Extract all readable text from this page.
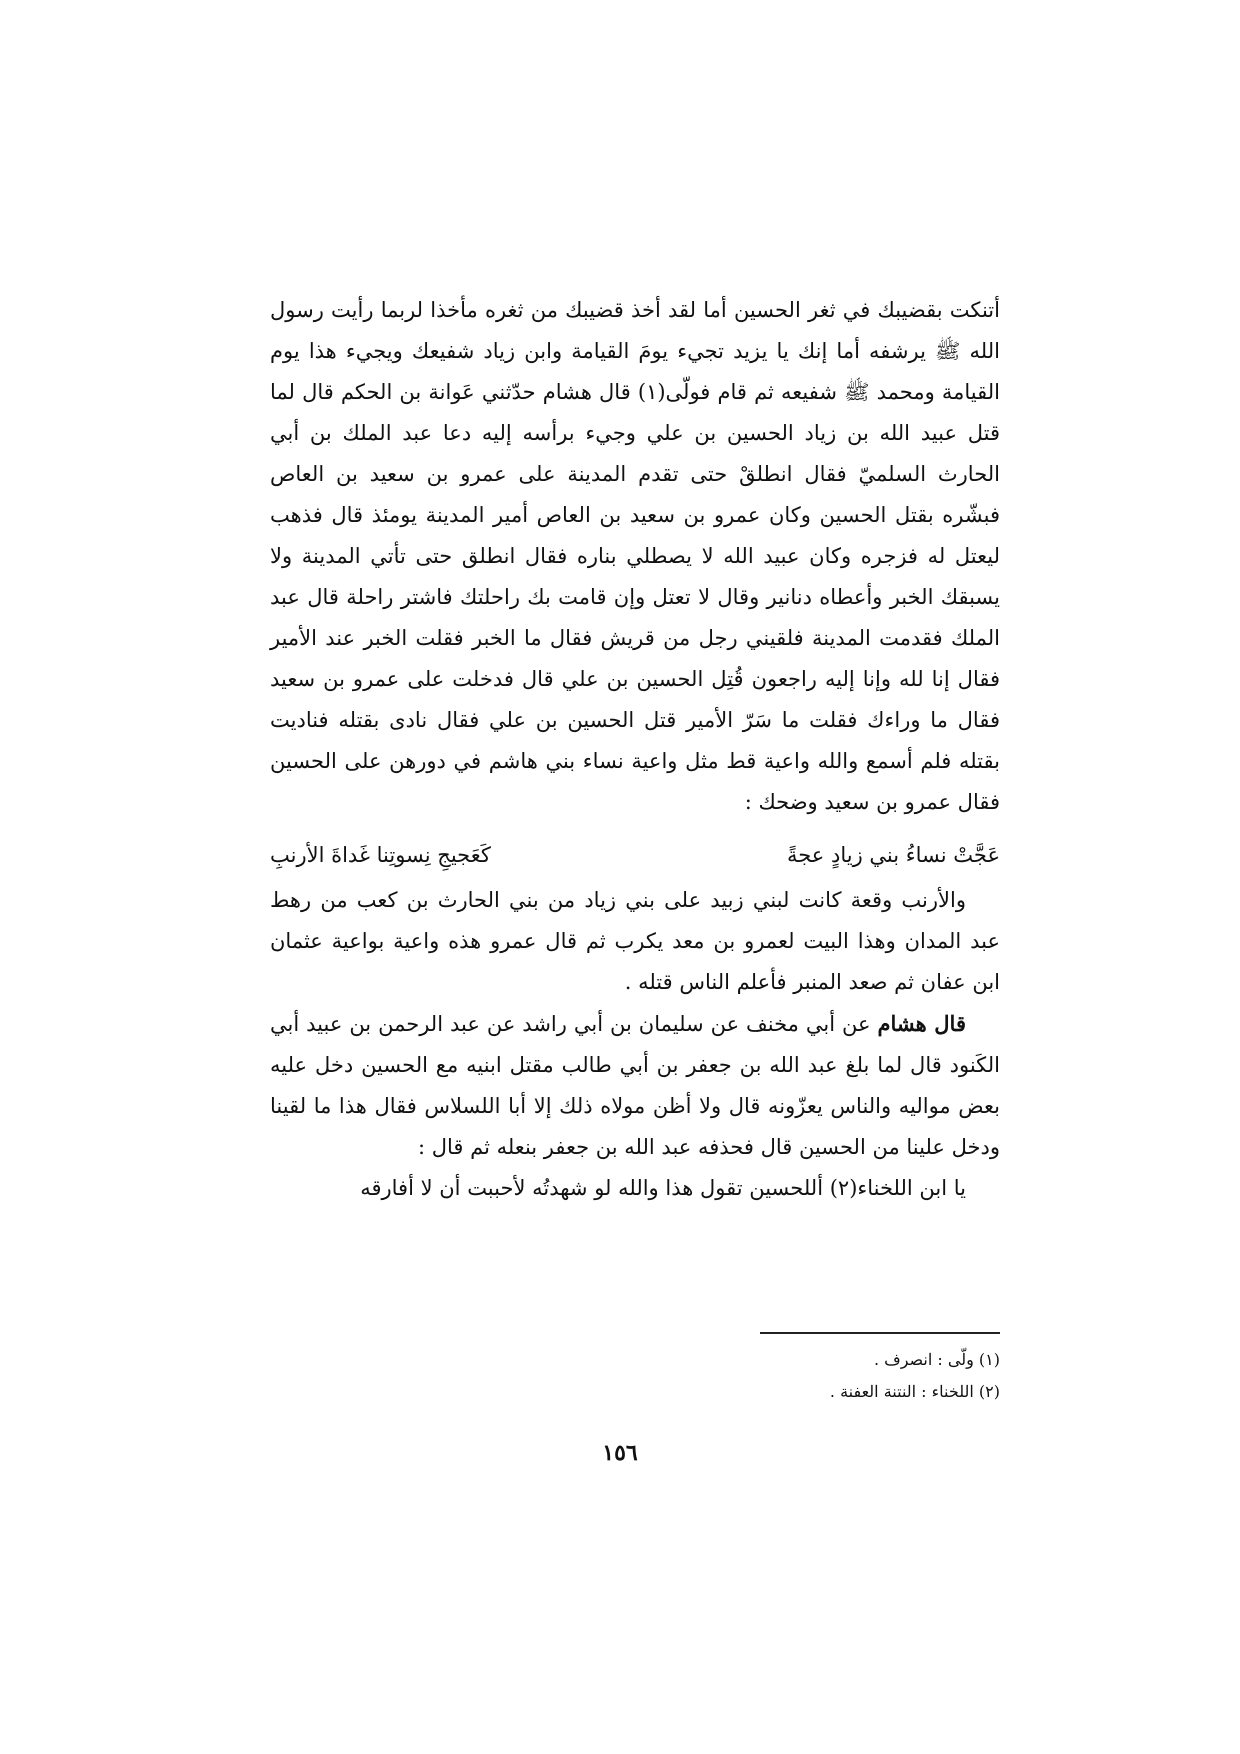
أتنكت بقضيبك في ثغر الحسين أما لقد أخذ قضيبك من ثغره مأخذا لربما رأيت رسول الله ﷺ يرشفه أما إنك يا يزيد تجيء يومَ القيامة وابن زياد شفيعك ويجيء هذا يوم القيامة ومحمد ﷺ شفيعه ثم قام فولّى(١) قال هشام حدّثني عَوانة بن الحكم قال لما قتل عبيد الله بن زياد الحسين بن علي وجيء برأسه إليه دعا عبد الملك بن أبي الحارث السلميّ فقال انطلقْ حتى تقدم المدينة على عمرو بن سعيد بن العاص فبشّره بقتل الحسين وكان عمرو بن سعيد بن العاص أمير المدينة يومئذ قال فذهب ليعتل له فزجره وكان عبيد الله لا يصطلي بناره فقال انطلق حتى تأتي المدينة ولا يسبقك الخبر وأعطاه دنانير وقال لا تعتل وإن قامت بك راحلتك فاشتر راحلة قال عبد الملك فقدمت المدينة فلقيني رجل من قريش فقال ما الخبر فقلت الخبر عند الأمير فقال إنا لله وإنا إليه راجعون قُتِل الحسين بن علي قال فدخلت على عمرو بن سعيد فقال ما وراءك فقلت ما سَرّ الأمير قتل الحسين بن علي فقال نادى بقتله فناديت بقتله فلم أسمع والله واعية قط مثل واعية نساء بني هاشم في دورهن على الحسين فقال عمرو بن سعيد وضحك :

عَجَّتْ نساءُ بني زيادٍ عجةً
كَعَجيجِ نِسوتِنا غَداةَ الأرنبِ

والأرنب وقعة كانت لبني زبيد على بني زياد من بني الحارث بن كعب من رهط عبد المدان وهذا البيت لعمرو بن معد يكرب ثم قال عمرو هذه واعية بواعية عثمان ابن عفان ثم صعد المنبر فأعلم الناس قتله .

قال هشام عن أبي مخنف عن سليمان بن أبي راشد عن عبد الرحمن بن عبيد أبي الكَنود قال لما بلغ عبد الله بن جعفر بن أبي طالب مقتل ابنيه مع الحسين دخل عليه بعض مواليه والناس يعزّونه قال ولا أظن مولاه ذلك إلا أبا اللسلاس فقال هذا ما لقينا ودخل علينا من الحسين قال فحذفه عبد الله بن جعفر بنعله ثم قال :

يا ابن اللخناء(٢) أللحسين تقول هذا والله لو شهدتُه لأحببت أن لا أفارقه

(١) ولّى : انصرف .

(٢) اللخناء : النتنة العفنة .

١٥٦
